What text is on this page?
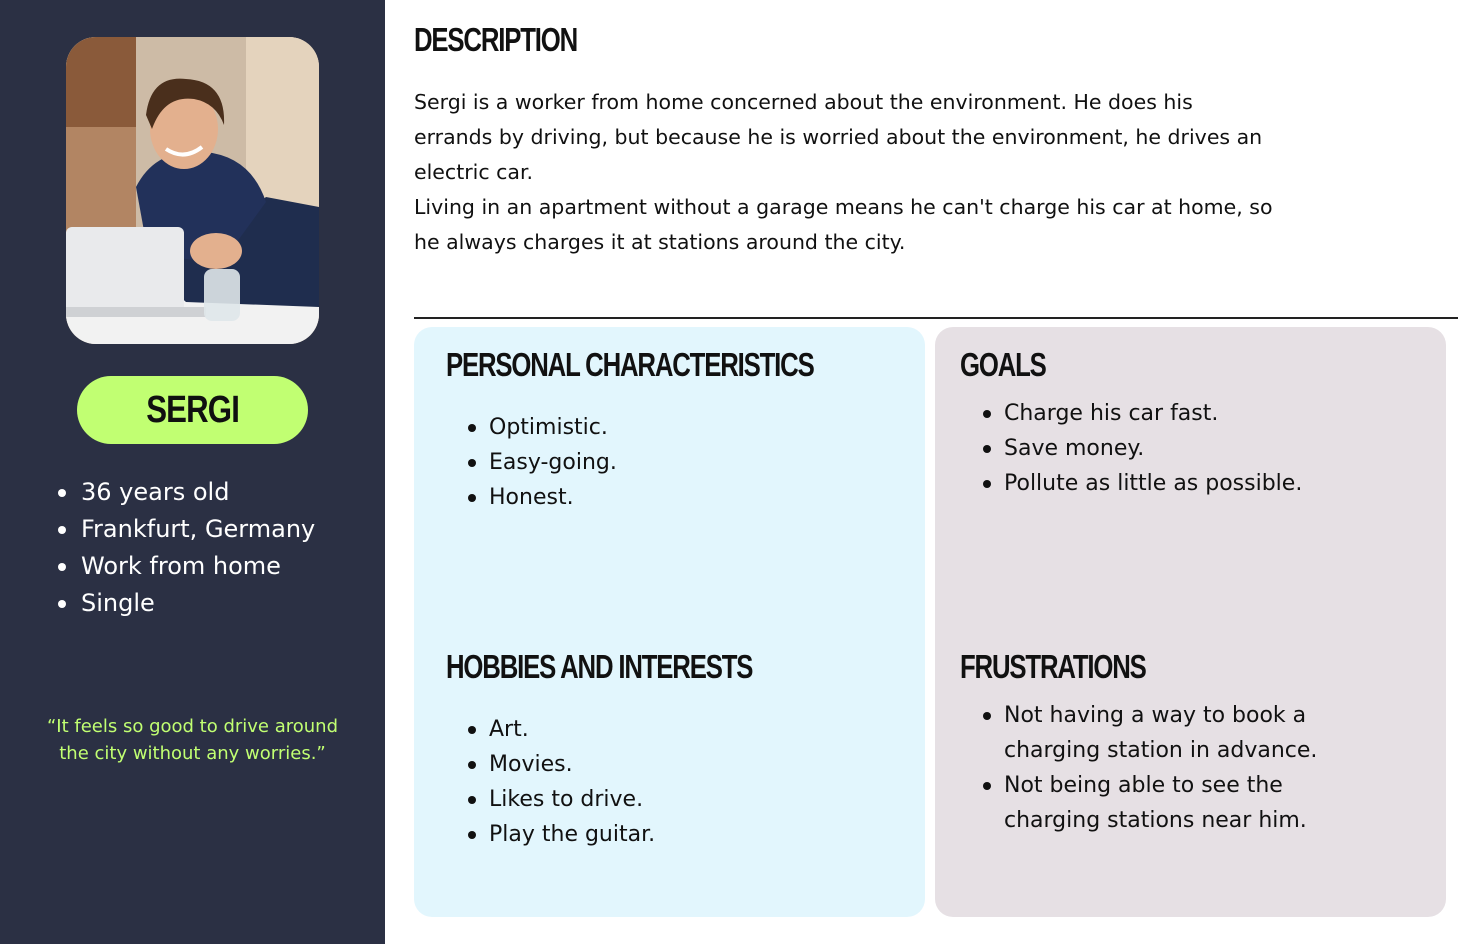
SERGI
36 years old
Frankfurt, Germany
Work from home
Single
“It feels so good to drive around the city without any worries.”
DESCRIPTION

Sergi is a worker from home concerned about the environment. He does his errands by driving, but because he is worried about the environment, he drives an electric car.

Living in an apartment without a garage means he can't charge his car at home, so he always charges it at stations around the city.

PERSONAL CHARACTERISTICS
Optimistic.
Easy-going.
Honest.
HOBBIES AND INTERESTS
Art.
Movies.
Likes to drive.
Play the guitar.
GOALS
Charge his car fast.
Save money.
Pollute as little as possible.
FRUSTRATIONS
Not having a way to book a charging station in advance.
Not being able to see the charging stations near him.
